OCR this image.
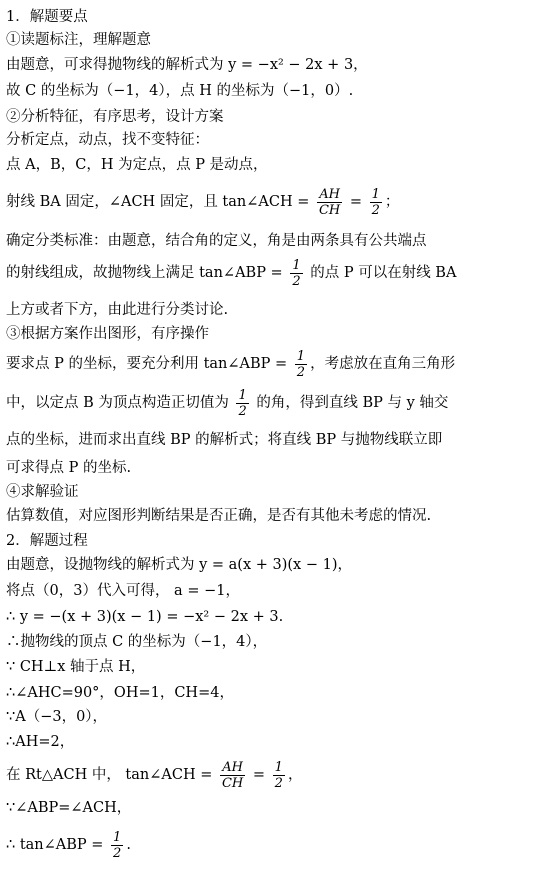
1．解题要点
①读题标注，理解题意
由题意，可求得抛物线的解析式为 y = −x² − 2x + 3，
故 C 的坐标为（−1，4），点 H 的坐标为（−1，0）.
②分析特征，有序思考，设计方案
分析定点，动点，找不变特征：
点 A，B，C，H 为定点，点 P 是动点，
射线 BA 固定，∠ACH 固定，且 tan∠ACH = $\frac{AH}{CH} = \frac{1}{2}$ ；
确定分类标准：由题意，结合角的定义，角是由两条具有公共端点
的射线组成，故抛物线上满足 tan∠ABP = $\frac{1}{2}$ 的点 P 可以在射线 BA
上方或者下方，由此进行分类讨论.
③根据方案作出图形，有序操作
要求点 P 的坐标，要充分利用 tan∠ABP = $\frac{1}{2}$ ，考虑放在直角三角形
中，以定点 B 为顶点构造正切值为 $\frac{1}{2}$ 的角，得到直线 BP 与 y 轴交
点的坐标，进而求出直线 BP 的解析式；将直线 BP 与抛物线联立即
可求得点 P 的坐标.
④求解验证
估算数值，对应图形判断结果是否正确，是否有其他未考虑的情况.
2．解题过程
由题意，设抛物线的解析式为 y = a(x + 3)(x − 1)，
将点（0，3）代入可得， a = −1，
∴ y = −(x + 3)(x − 1) = −x² − 2x + 3.
∴抛物线的顶点 C 的坐标为（−1，4），
∵ CH⊥x 轴于点 H，
∴∠AHC=90°，OH=1，CH=4，
∵A（−3，0），
∴AH=2，
在 Rt△ACH 中， tan∠ACH = $\frac{AH}{CH} = \frac{1}{2}$ ，
∵∠ABP=∠ACH，
∴ tan∠ABP = $\frac{1}{2}$ .
